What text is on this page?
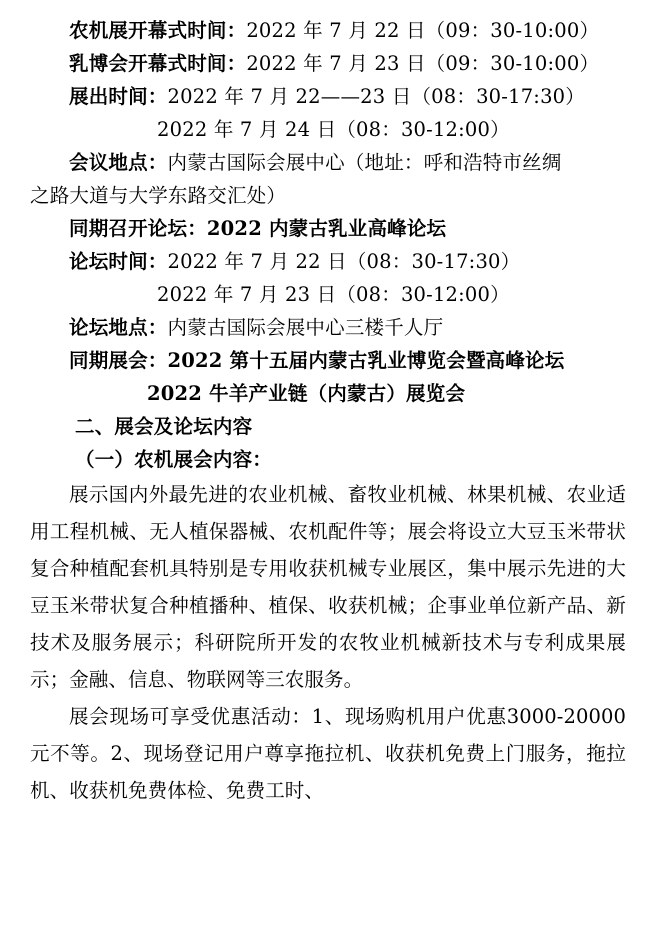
农机展开幕式时间：2022 年 7 月 22 日（09：30-10:00）
乳博会开幕式时间：2022 年 7 月 23 日（09：30-10:00）
展出时间：2022 年 7 月 22——23 日（08：30-17:30）
2022 年 7 月 24 日（08：30-12:00）
会议地点：内蒙古国际会展中心（地址：呼和浩特市丝绸
之路大道与大学东路交汇处）
同期召开论坛：2022 内蒙古乳业高峰论坛
论坛时间：2022 年 7 月 22 日（08：30-17:30）
2022 年 7 月 23 日（08：30-12:00）
论坛地点：内蒙古国际会展中心三楼千人厅
同期展会：2022 第十五届内蒙古乳业博览会暨高峰论坛
2022 牛羊产业链（内蒙古）展览会
二、展会及论坛内容
（一）农机展会内容：
展示国内外最先进的农业机械、畜牧业机械、林果机械、农业适用工程机械、无人植保器械、农机配件等；展会将设立大豆玉米带状复合种植配套机具特别是专用收获机械专业展区，集中展示先进的大豆玉米带状复合种植播种、植保、收获机械；企事业单位新产品、新技术及服务展示；科研院所开发的农牧业机械新技术与专利成果展示；金融、信息、物联网等三农服务。
展会现场可享受优惠活动：1、现场购机用户优惠3000-20000 元不等。2、现场登记用户尊享拖拉机、收获机免费上门服务，拖拉机、收获机免费体检、免费工时、
